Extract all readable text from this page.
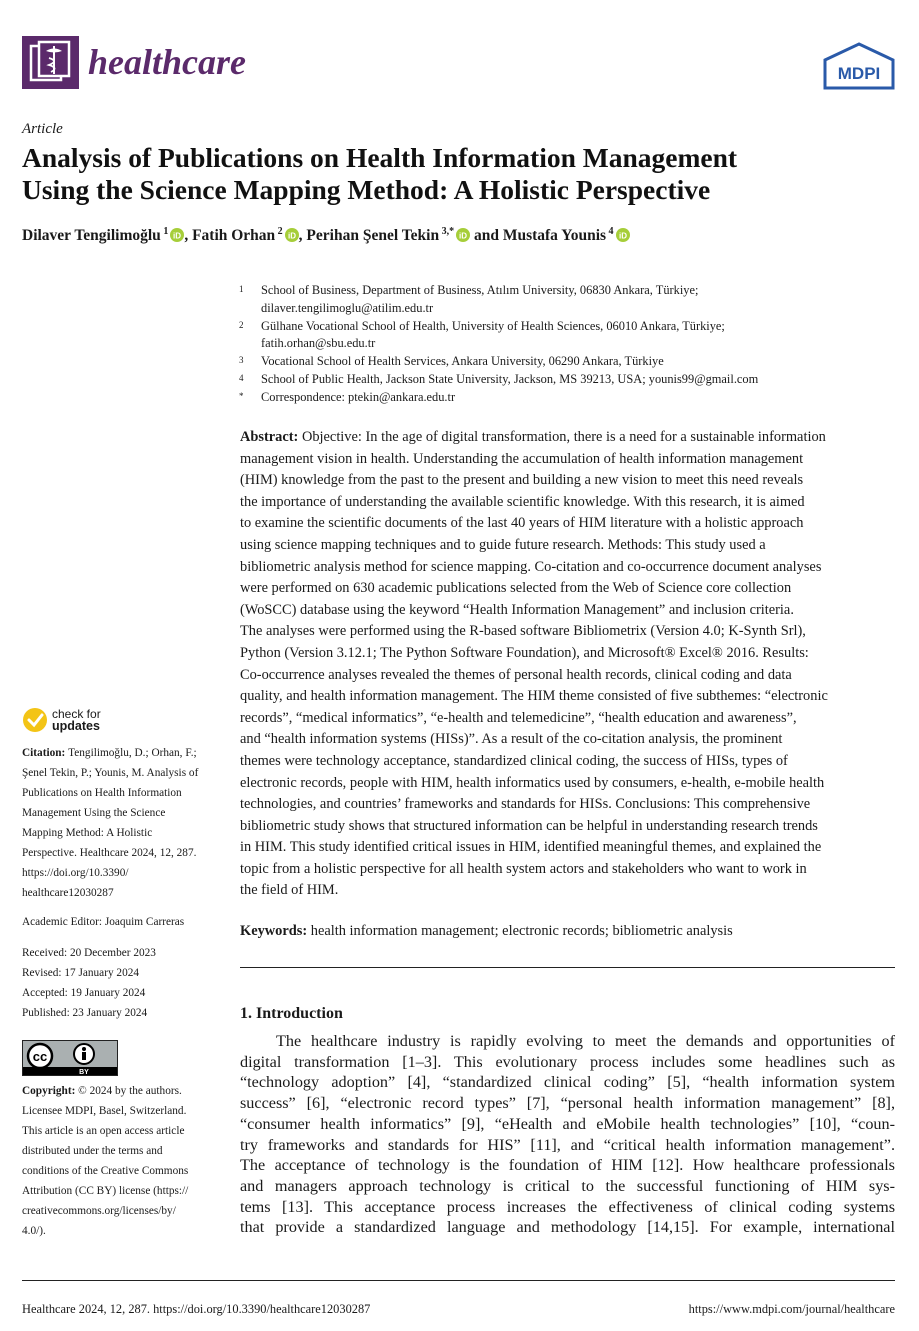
healthcare	MDPI
Article
Analysis of Publications on Health Information Management
Using the Science Mapping Method: A Holistic Perspective
Dilaver Tengilimoğlu $^1$ iD , Fatih Orhan $^2$ iD , Perihan Şenel Tekin $^{3,*}$ iD and Mustafa Younis $^4$ iD
1	School of Business, Department of Business, Atılım University, 06830 Ankara, Türkiye;
dilaver.tengilimoglu@atilim.edu.tr
2	Gülhane Vocational School of Health, University of Health Sciences, 06010 Ankara, Türkiye;
fatih.orhan@sbu.edu.tr
3	Vocational School of Health Services, Ankara University, 06290 Ankara, Türkiye
4	School of Public Health, Jackson State University, Jackson, MS 39213, USA; younis99@gmail.com
*	Correspondence: ptekin@ankara.edu.tr
Abstract: Objective: In the age of digital transformation, there is a need for a sustainable information
management vision in health. Understanding the accumulation of health information management
(HIM) knowledge from the past to the present and building a new vision to meet this need reveals
the importance of understanding the available scientific knowledge. With this research, it is aimed
to examine the scientific documents of the last 40 years of HIM literature with a holistic approach
using science mapping techniques and to guide future research. Methods: This study used a
bibliometric analysis method for science mapping. Co-citation and co-occurrence document analyses
were performed on 630 academic publications selected from the Web of Science core collection
(WoSCC) database using the keyword “Health Information Management” and inclusion criteria.
The analyses were performed using the R-based software Bibliometrix (Version 4.0; K-Synth Srl),
Python (Version 3.12.1; The Python Software Foundation), and Microsoft® Excel® 2016. Results:
Co-occurrence analyses revealed the themes of personal health records, clinical coding and data
quality, and health information management. The HIM theme consisted of five subthemes: “electronic
records”, “medical informatics”, “e-health and telemedicine”, “health education and awareness”,
and “health information systems (HISs)”. As a result of the co-citation analysis, the prominent
themes were technology acceptance, standardized clinical coding, the success of HISs, types of
electronic records, people with HIM, health informatics used by consumers, e-health, e-mobile health
technologies, and countries’ frameworks and standards for HISs. Conclusions: This comprehensive
bibliometric study shows that structured information can be helpful in understanding research trends
in HIM. This study identified critical issues in HIM, identified meaningful themes, and explained the
topic from a holistic perspective for all health system actors and stakeholders who want to work in
the field of HIM.
Keywords: health information management; electronic records; bibliometric analysis
1. Introduction
The healthcare industry is rapidly evolving to meet the demands and opportunities of
digital transformation [1–3]. This evolutionary process includes some headlines such as
“technology adoption” [4], “standardized clinical coding” [5], “health information system
success” [6], “electronic record types” [7], “personal health information management” [8],
“consumer health informatics” [9], “eHealth and eMobile health technologies” [10], “coun-
try frameworks and standards for HIS” [11], and “critical health information management”.
The acceptance of technology is the foundation of HIM [12]. How healthcare professionals
and managers approach technology is critical to the successful functioning of HIM sys-
tems [13]. This acceptance process increases the effectiveness of clinical coding systems
that provide a standardized language and methodology [14,15]. For example, international
check for
updates
Citation: Tengilimoğlu, D.; Orhan, F.;
Şenel Tekin, P.; Younis, M. Analysis of
Publications on Health Information
Management Using the Science
Mapping Method: A Holistic
Perspective. Healthcare 2024, 12, 287.
https://doi.org/10.3390/
healthcare12030287
Academic Editor: Joaquim Carreras
Received: 20 December 2023
Revised: 17 January 2024
Accepted: 19 January 2024
Published: 23 January 2024
cc
BY
Copyright: © 2024 by the authors.
Licensee MDPI, Basel, Switzerland.
This article is an open access article
distributed under the terms and
conditions of the Creative Commons
Attribution (CC BY) license (https://
creativecommons.org/licenses/by/
4.0/).
Healthcare 2024, 12, 287. https://doi.org/10.3390/healthcare12030287	https://www.mdpi.com/journal/healthcare
